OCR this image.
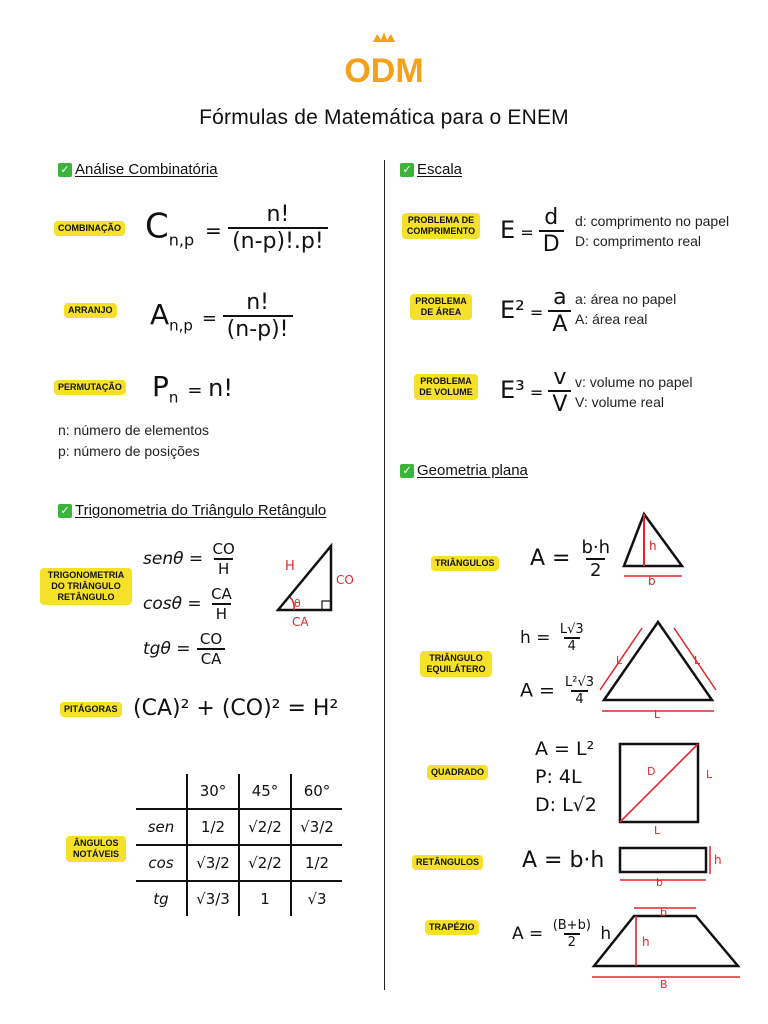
ODM
Fórmulas de Matemática para o ENEM
✓ Análise Combinatória
COMBINAÇÃO $C_{n,p} = \frac{n!}{(n-p)!.p!}$
ARRANJO $A_{n,p} = \frac{n!}{(n-p)!}$
PERMUTAÇÃO $P_n = n$!
n: número de elementos
p: número de posições
✓ Trigonometria do Triângulo Retângulo
TRIGONOMETRIA DO TRIÂNGULO RETÂNGULO
$sen\theta = \frac{CO}{H}$
$\cos\theta = \frac{CA}{H}$
$tg\theta = \frac{CO}{CA}$
H
CO
CA
θ
PITÁGORAS (CA)² + (CO)² = H²
ÂNGULOS NOTÁVEIS
	30°	45°	60°
sen	1/2	√2/2	√3/2
cos	√3/2	√2/2	1/2
tg	√3/3	1	√3
✓ Escala
PROBLEMA DE COMPRIMENTO $E = \frac{d}{D} d$: comprimento no papel
D: comprimento real
PROBLEMA DE ÁREA	$E^2 = \frac{a}{A} a$: área no papel
A: área real
PROBLEMA DE VOLUME $E^3 = \frac{v}{V} v$: volume no papel
V: volume real
✓ Geometria plana
TRIÂNGULOS $A = \frac{b\cdot h}{2}$	h
b
TRIÂNGULO EQUILÁTERO
$h = \frac{L√3}{4}$
$A = \frac{\text{L²√3}}{4}$
L	L
L
QUADRADO
A = L²
P: 4L
D: L√2
D	L
L
RETÂNGULOS A = b·h	h
b
TRAPÉZIO $A = \frac{(B+b)}{2}$ h
b
h
B
